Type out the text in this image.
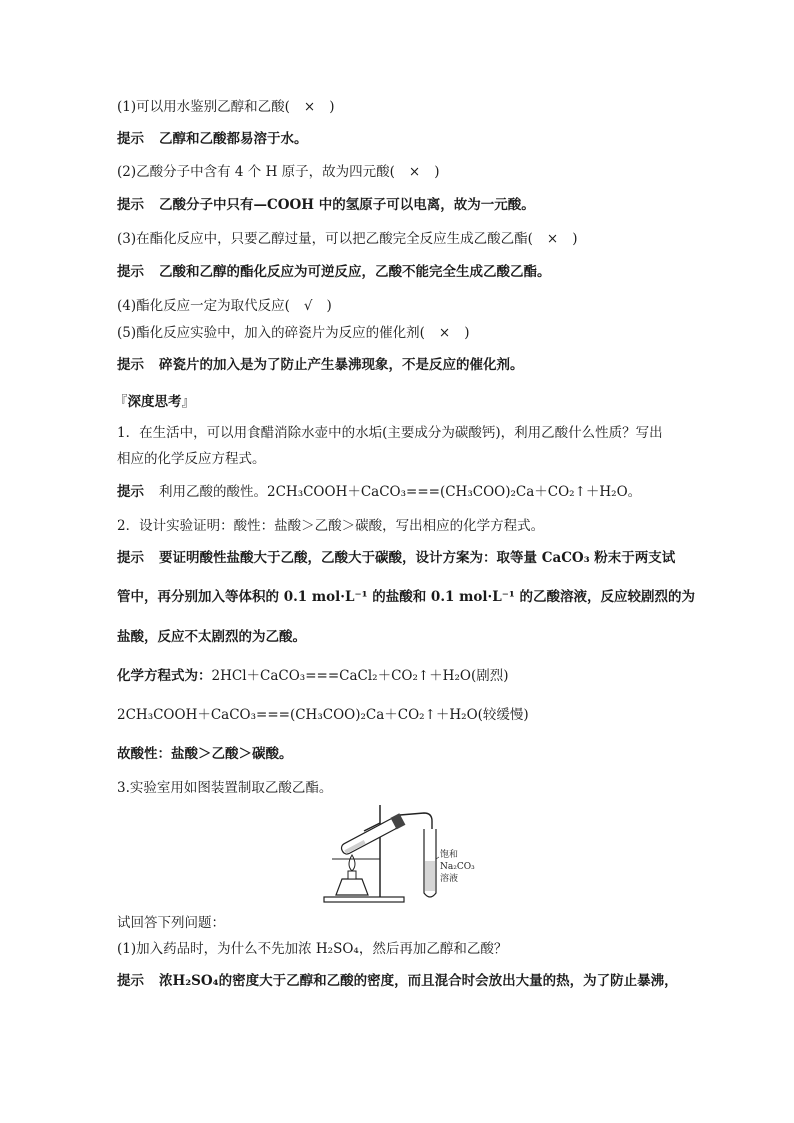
(1)可以用水鉴别乙醇和乙酸( × )
提示 乙醇和乙酸都易溶于水。
(2)乙酸分子中含有 4 个 H 原子，故为四元酸( × )
提示 乙酸分子中只有—COOH 中的氢原子可以电离，故为一元酸。
(3)在酯化反应中，只要乙醇过量，可以把乙酸完全反应生成乙酸乙酯( × )
提示 乙酸和乙醇的酯化反应为可逆反应，乙酸不能完全生成乙酸乙酯。
(4)酯化反应一定为取代反应( √ )
(5)酯化反应实验中，加入的碎瓷片为反应的催化剂( × )
提示 碎瓷片的加入是为了防止产生暴沸现象，不是反应的催化剂。
『深度思考』
1．在生活中，可以用食醋消除水壶中的水垢(主要成分为碳酸钙)，利用乙酸什么性质？写出
相应的化学反应方程式。
提示 利用乙酸的酸性。2CH₃COOH＋CaCO₃===(CH₃COO)₂Ca＋CO₂↑＋H₂O。
2．设计实验证明：酸性：盐酸＞乙酸＞碳酸，写出相应的化学方程式。
提示 要证明酸性盐酸大于乙酸，乙酸大于碳酸，设计方案为：取等量 CaCO₃ 粉末于两支试
管中，再分别加入等体积的 0.1 mol·L⁻¹ 的盐酸和 0.1 mol·L⁻¹ 的乙酸溶液，反应较剧烈的为
盐酸，反应不太剧烈的为乙酸。
化学方程式为：2HCl＋CaCO₃===CaCl₂＋CO₂↑＋H₂O(剧烈)
2CH₃COOH＋CaCO₃===(CH₃COO)₂Ca＋CO₂↑＋H₂O(较缓慢)
故酸性：盐酸＞乙酸＞碳酸。
3.实验室用如图装置制取乙酸乙酯。
饱和
Na₂CO₃
溶液
试回答下列问题：
(1)加入药品时，为什么不先加浓 H₂SO₄，然后再加乙醇和乙酸？
提示 浓H₂SO₄的密度大于乙醇和乙酸的密度，而且混合时会放出大量的热，为了防止暴沸，
